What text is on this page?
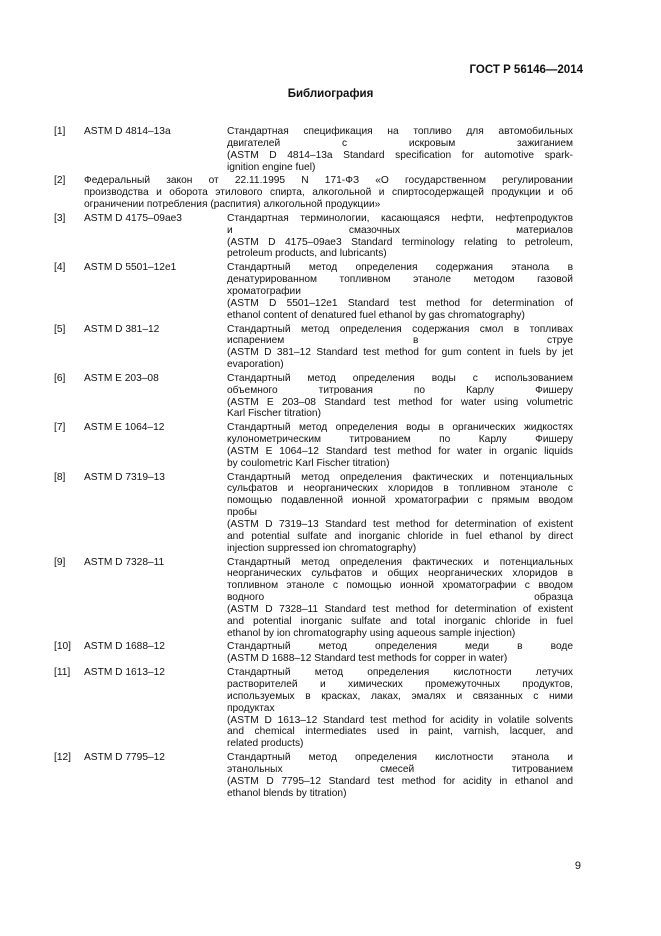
ГОСТ Р 56146—2014
Библиография
[1]	ASTM D 4814–13a	Стандартная спецификация на топливо для автомобильных
двигателей с искровым зажиганием
(ASTM D 4814–13a Standard specification for automotive spark-
ignition engine fuel)
[2]	Федеральный закон от 22.11.1995 N 171-ФЗ «О государственном регулировании
производства и оборота этилового спирта, алкогольной и спиртосодержащей продукции и об
ограничении потребления (распития) алкогольной продукции»
[3]	ASTM D 4175–09ae3	Стандартная терминологии, касающаяся нефти, нефтепродуктов
и смазочных материалов
(ASTM D 4175–09ae3 Standard terminology relating to petroleum,
petroleum products, and lubricants)
[4]	ASTM D 5501–12e1	Стандартный метод определения содержания этанола в
денатурированном топливном этаноле методом газовой
хроматографии
(ASTM D 5501–12e1 Standard test method for determination of
ethanol content of denatured fuel ethanol by gas chromatography)
[5]	ASTM D 381–12	Стандартный метод определения содержания смол в топливах
испарением в струе
(ASTM D 381–12 Standard test method for gum content in fuels by jet
evaporation)
[6]	ASTM E 203–08	Стандартный метод определения воды с использованием
объемного титрования по Карлу Фишеру
(ASTM E 203–08 Standard test method for water using volumetric
Karl Fischer titration)
[7]	ASTM E 1064–12	Стандартный метод определения воды в органических жидкостях
кулонометрическим титрованием по Карлу Фишеру
(ASTM E 1064–12 Standard test method for water in organic liquids
by coulometric Karl Fischer titration)
[8]	ASTM D 7319–13	Стандартный метод определения фактических и потенциальных
сульфатов и неорганических хлоридов в топливном этаноле с
помощью подавленной ионной хроматографии с прямым вводом
пробы
(ASTM D 7319–13 Standard test method for determination of existent
and potential sulfate and inorganic chloride in fuel ethanol by direct
injection suppressed ion chromatography)
[9]	ASTM D 7328–11	Стандартный метод определения фактических и потенциальных
неорганических сульфатов и общих неорганических хлоридов в
топливном этаноле с помощью ионной хроматографии с вводом
водного образца
(ASTM D 7328–11 Standard test method for determination of existent
and potential inorganic sulfate and total inorganic chloride in fuel
ethanol by ion chromatography using aqueous sample injection)
[10]	ASTM D 1688–12	Стандартный метод определения меди в воде
(ASTM D 1688–12 Standard test methods for copper in water)
[11]	ASTM D 1613–12	Стандартный метод определения кислотности летучих
растворителей и химических промежуточных продуктов,
используемых в красках, лаках, эмалях и связанных с ними
продуктах
(ASTM D 1613–12 Standard test method for acidity in volatile solvents
and chemical intermediates used in paint, varnish, lacquer, and
related products)
[12]	ASTM D 7795–12	Стандартный метод определения кислотности этанола и
этанольных смесей титрованием
(ASTM D 7795–12 Standard test method for acidity in ethanol and
ethanol blends by titration)
9
